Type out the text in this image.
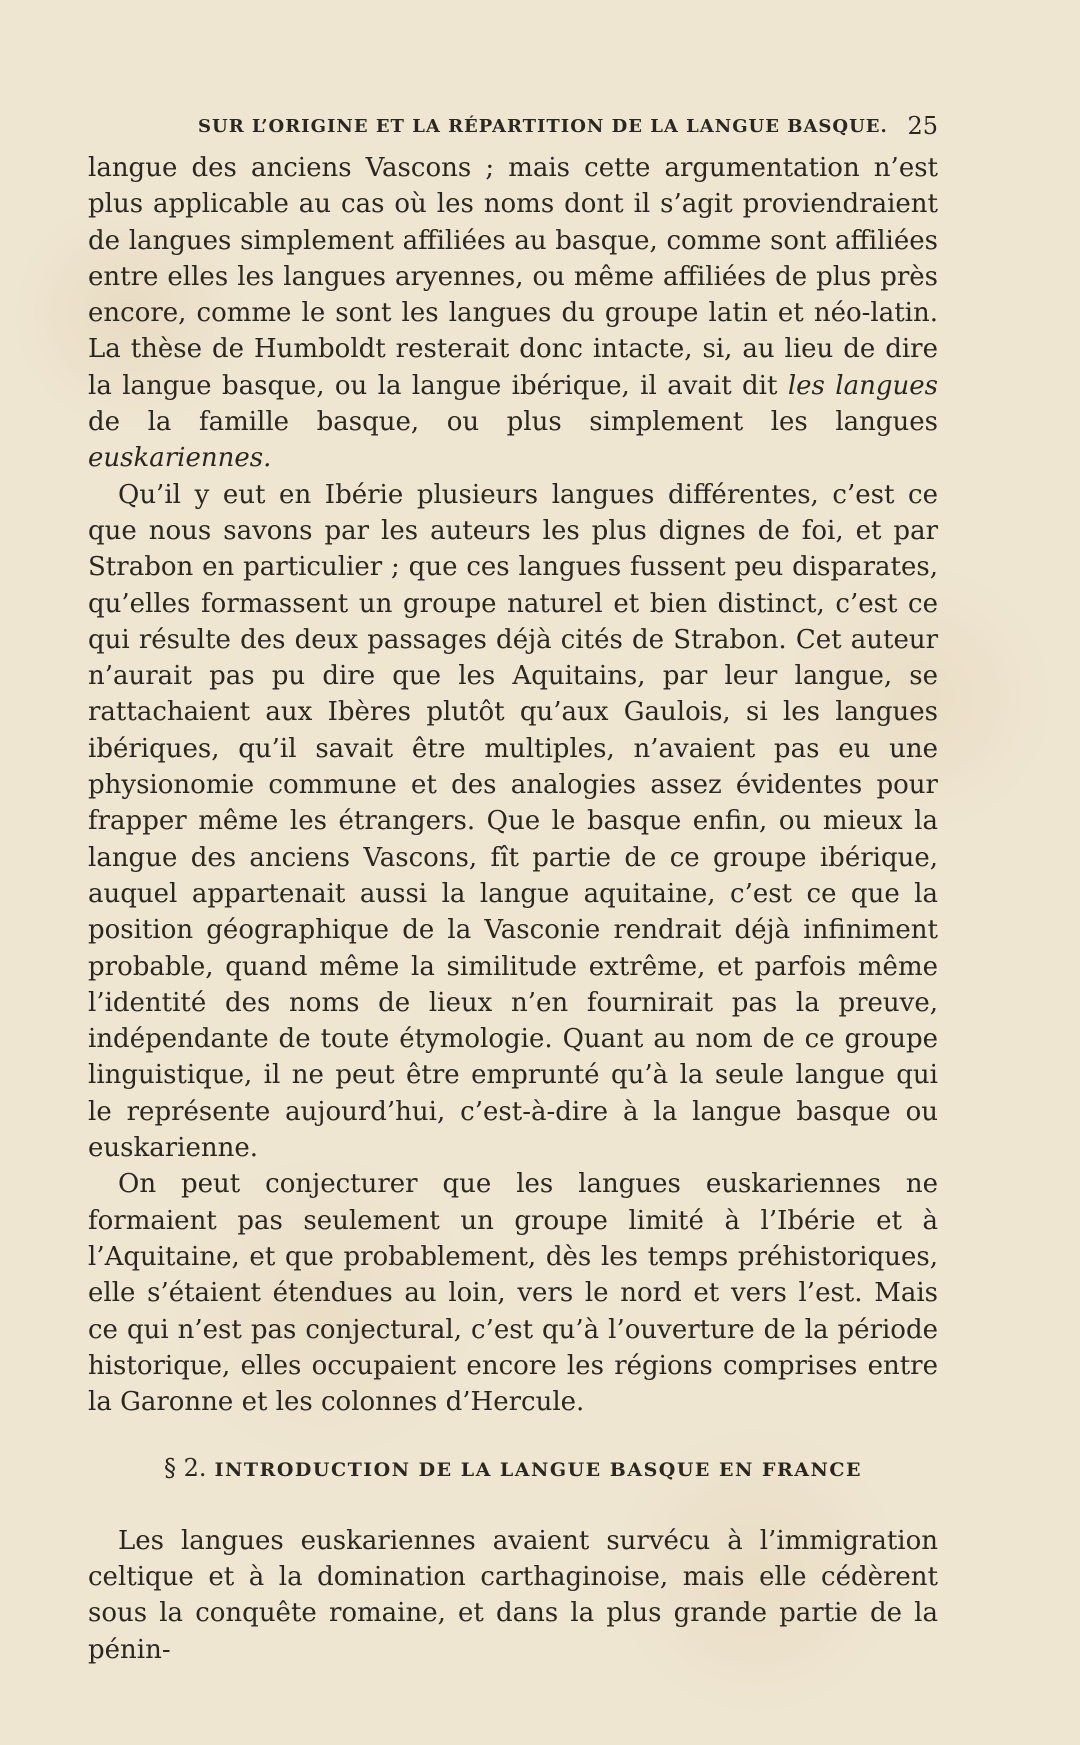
SUR L’ORIGINE ET LA RÉPARTITION DE LA LANGUE BASQUE. 25

langue des anciens Vascons ; mais cette argumentation n’est plus applicable au cas où les noms dont il s’agit proviendraient de langues simplement affiliées au basque, comme sont affiliées entre elles les langues aryennes, ou même affiliées de plus près encore, comme le sont les langues du groupe latin et néo-latin. La thèse de Humboldt resterait donc intacte, si, au lieu de dire la langue basque, ou la langue ibérique, il avait dit les langues de la famille basque, ou plus simplement les langues euskariennes.

Qu’il y eut en Ibérie plusieurs langues différentes, c’est ce que nous savons par les auteurs les plus dignes de foi, et par Strabon en particulier ; que ces langues fussent peu disparates, qu’elles formassent un groupe naturel et bien distinct, c’est ce qui résulte des deux passages déjà cités de Strabon. Cet auteur n’aurait pas pu dire que les Aquitains, par leur langue, se rattachaient aux Ibères plutôt qu’aux Gaulois, si les langues ibériques, qu’il savait être multiples, n’avaient pas eu une physionomie commune et des analogies assez évidentes pour frapper même les étrangers. Que le basque enfin, ou mieux la langue des anciens Vascons, fît partie de ce groupe ibérique, auquel appartenait aussi la langue aquitaine, c’est ce que la position géographique de la Vasconie rendrait déjà infiniment probable, quand même la similitude extrême, et parfois même l’identité des noms de lieux n’en fournirait pas la preuve, indépendante de toute étymologie. Quant au nom de ce groupe linguistique, il ne peut être emprunté qu’à la seule langue qui le représente aujourd’hui, c’est-à-dire à la langue basque ou euskarienne.

On peut conjecturer que les langues euskariennes ne formaient pas seulement un groupe limité à l’Ibérie et à l’Aquitaine, et que probablement, dès les temps préhistoriques, elle s’étaient étendues au loin, vers le nord et vers l’est. Mais ce qui n’est pas conjectural, c’est qu’à l’ouverture de la période historique, elles occupaient encore les régions comprises entre la Garonne et les colonnes d’Hercule.

§ 2. INTRODUCTION DE LA LANGUE BASQUE EN FRANCE

Les langues euskariennes avaient survécu à l’immigration celtique et à la domination carthaginoise, mais elle cédèrent sous la conquête romaine, et dans la plus grande partie de la pénin-
